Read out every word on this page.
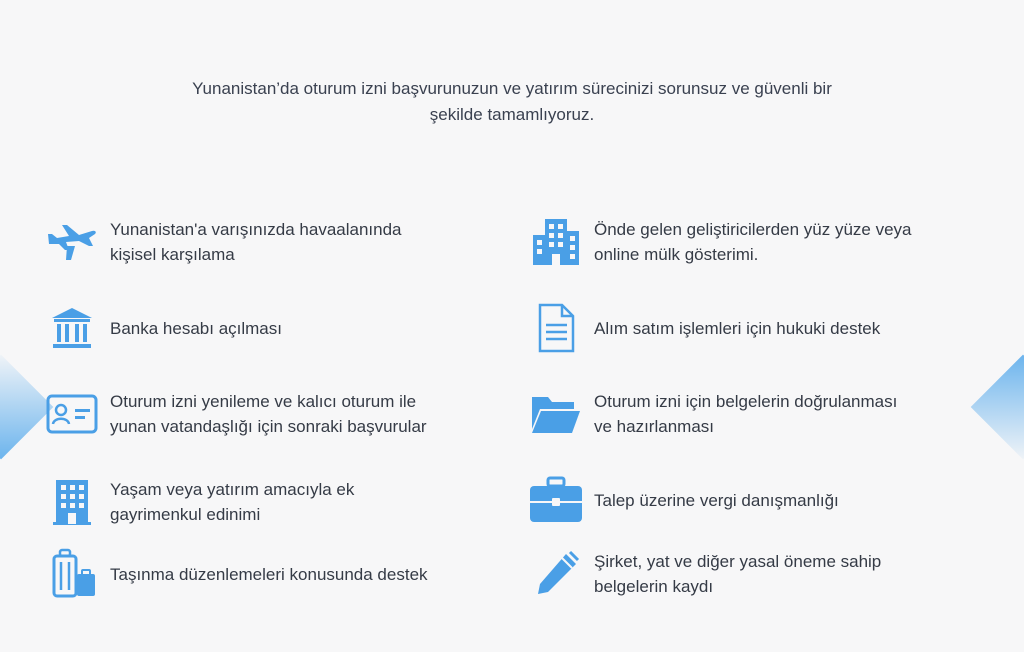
Yunanistan’da oturum izni başvurunuzun ve yatırım sürecinizi sorunsuz ve güvenli bir
şekilde tamamlıyoruz.
Yunanistan'a varışınızda havaalanında
kişisel karşılama
Banka hesabı açılması
Oturum izni yenileme ve kalıcı oturum ile
yunan vatandaşlığı için sonraki başvurular
Yaşam veya yatırım amacıyla ek
gayrimenkul edinimi
Taşınma düzenlemeleri konusunda destek
Önde gelen geliştiricilerden yüz yüze veya
online mülk gösterimi.
Alım satım işlemleri için hukuki destek
Oturum izni için belgelerin doğrulanması
ve hazırlanması
Talep üzerine vergi danışmanlığı
Şirket, yat ve diğer yasal öneme sahip
belgelerin kaydı
